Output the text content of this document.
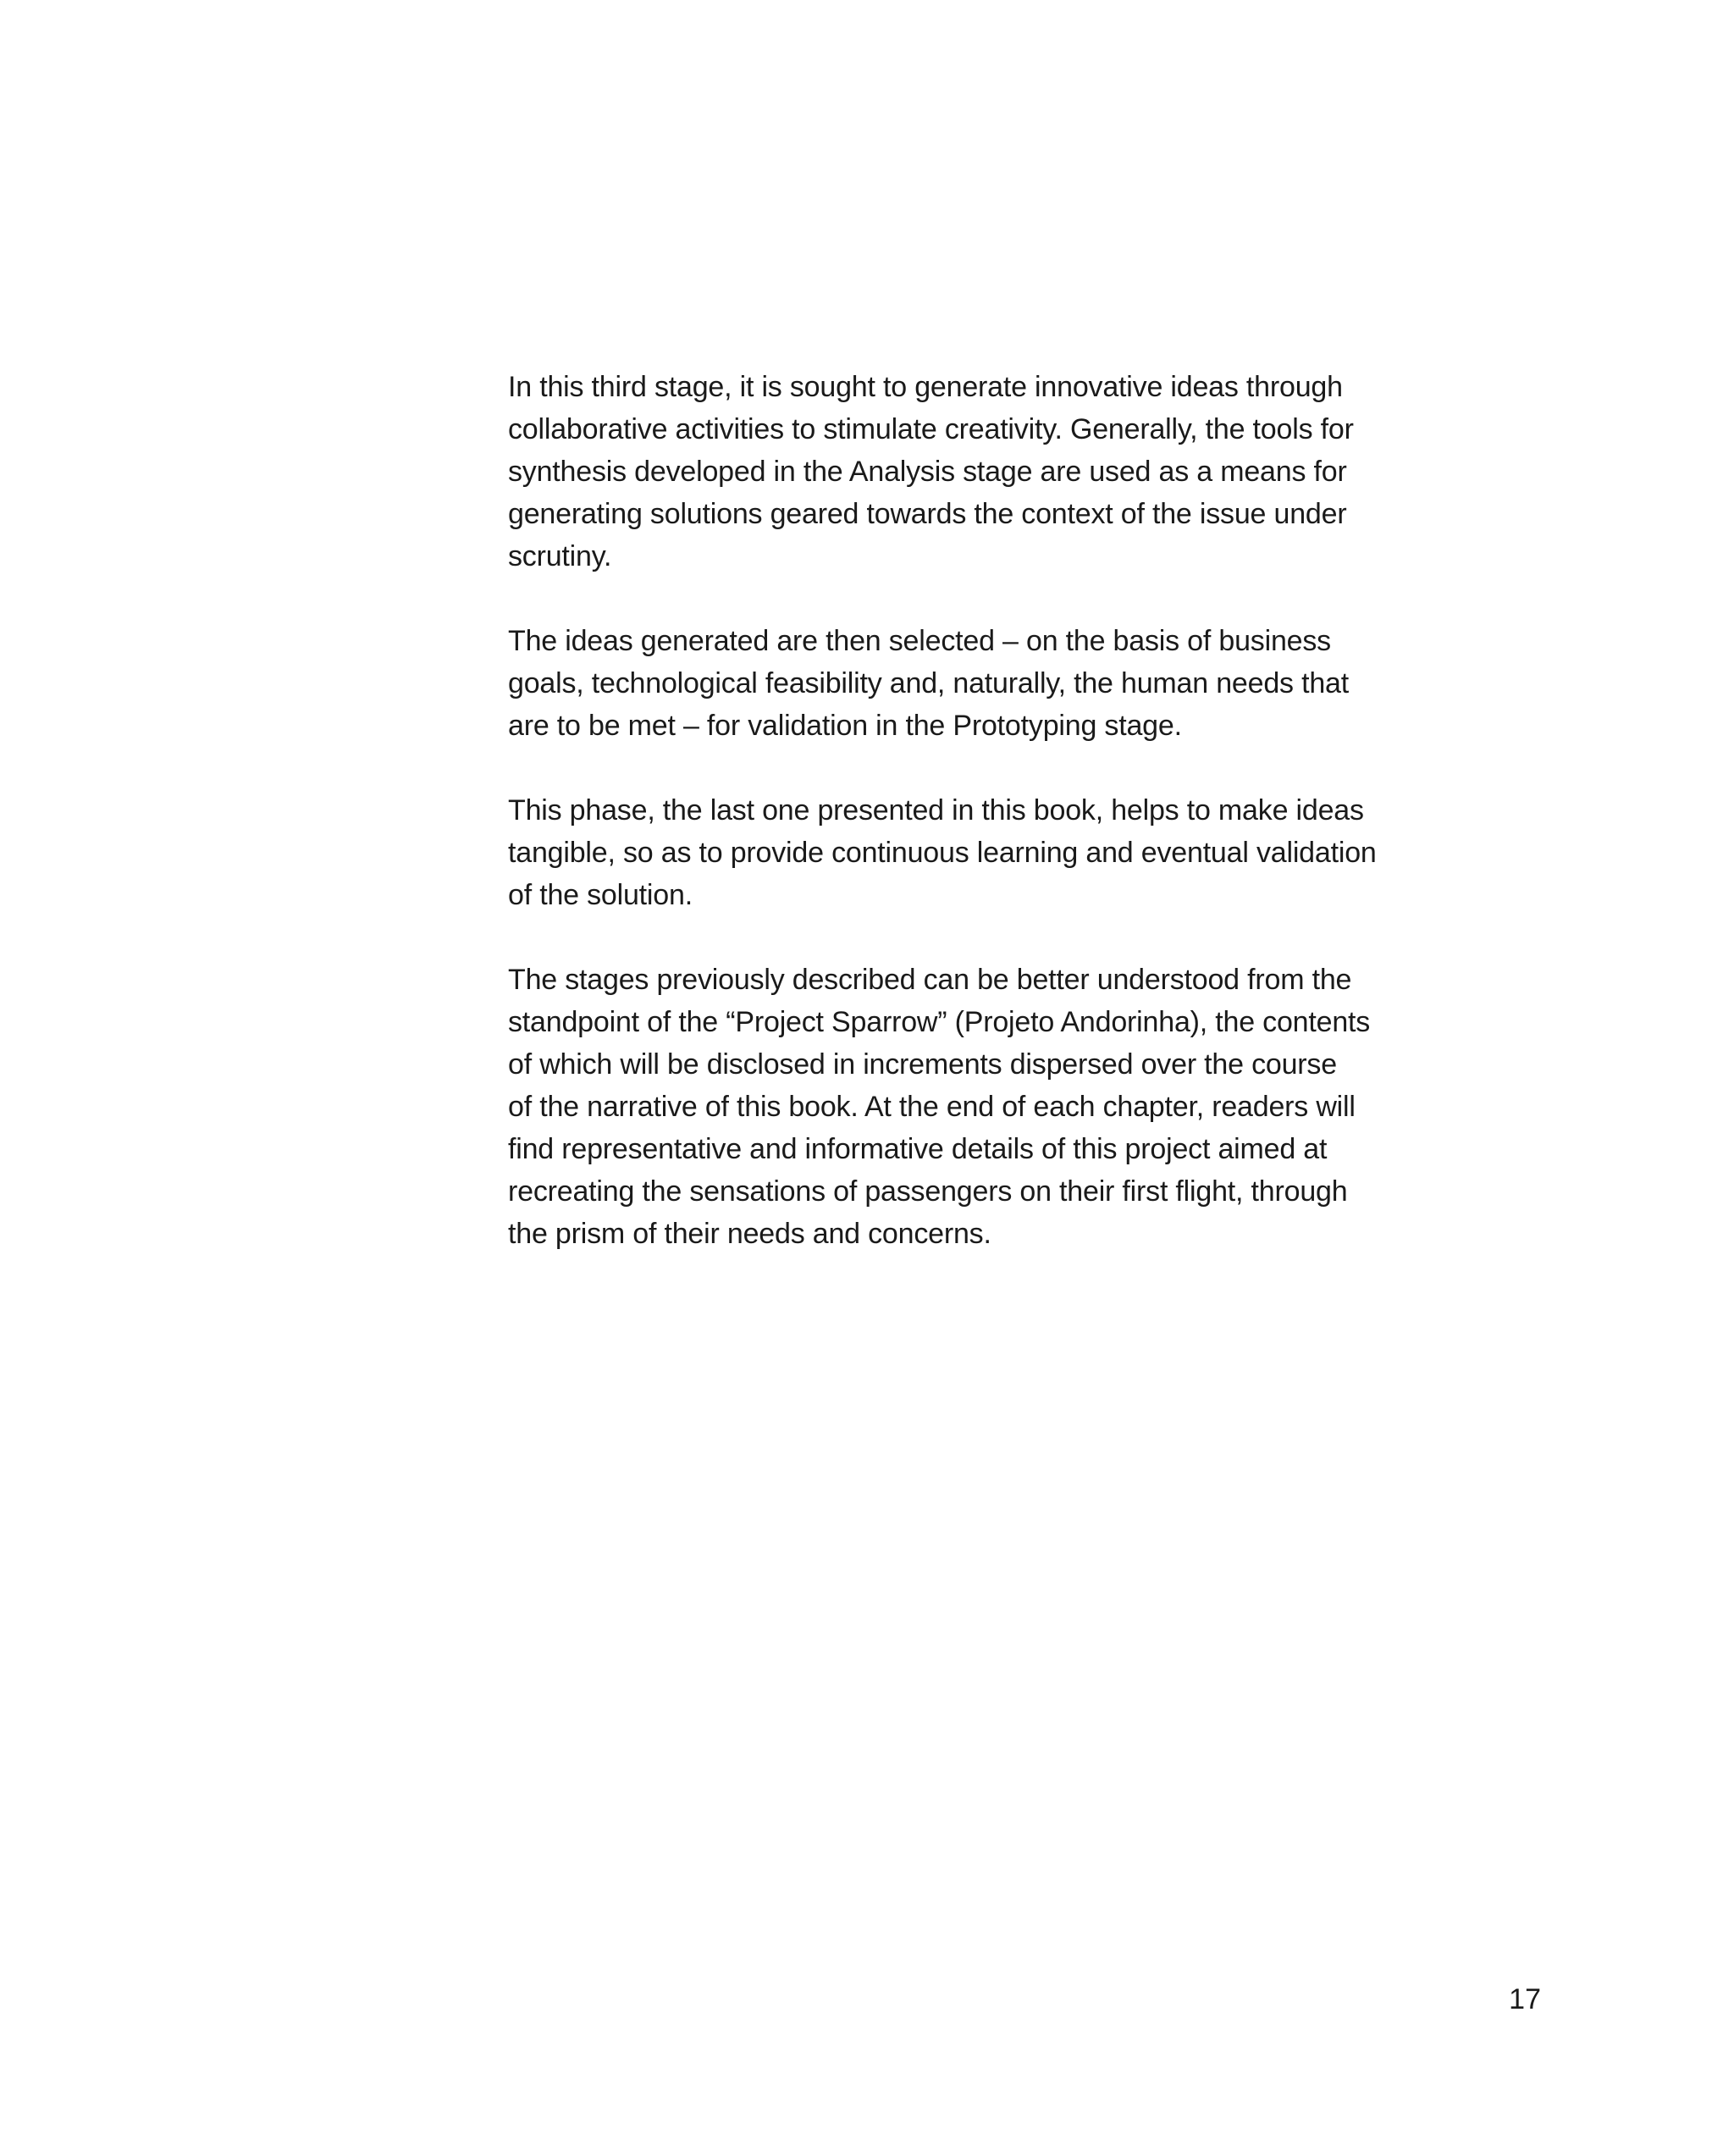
In this third stage, it is sought to generate innovative ideas through
collaborative activities to stimulate creativity. Generally, the tools for
synthesis developed in the Analysis stage are used as a means for
generating solutions geared towards the context of the issue under
scrutiny.
The ideas generated are then selected – on the basis of business
goals, technological feasibility and, naturally, the human needs that
are to be met – for validation in the Prototyping stage.
This phase, the last one presented in this book, helps to make ideas
tangible, so as to provide continuous learning and eventual validation
of the solution.
The stages previously described can be better understood from the
standpoint of the “Project Sparrow” (Projeto Andorinha), the contents
of which will be disclosed in increments dispersed over the course
of the narrative of this book. At the end of each chapter, readers will
find representative and informative details of this project aimed at
recreating the sensations of passengers on their first flight, through
the prism of their needs and concerns.
17
